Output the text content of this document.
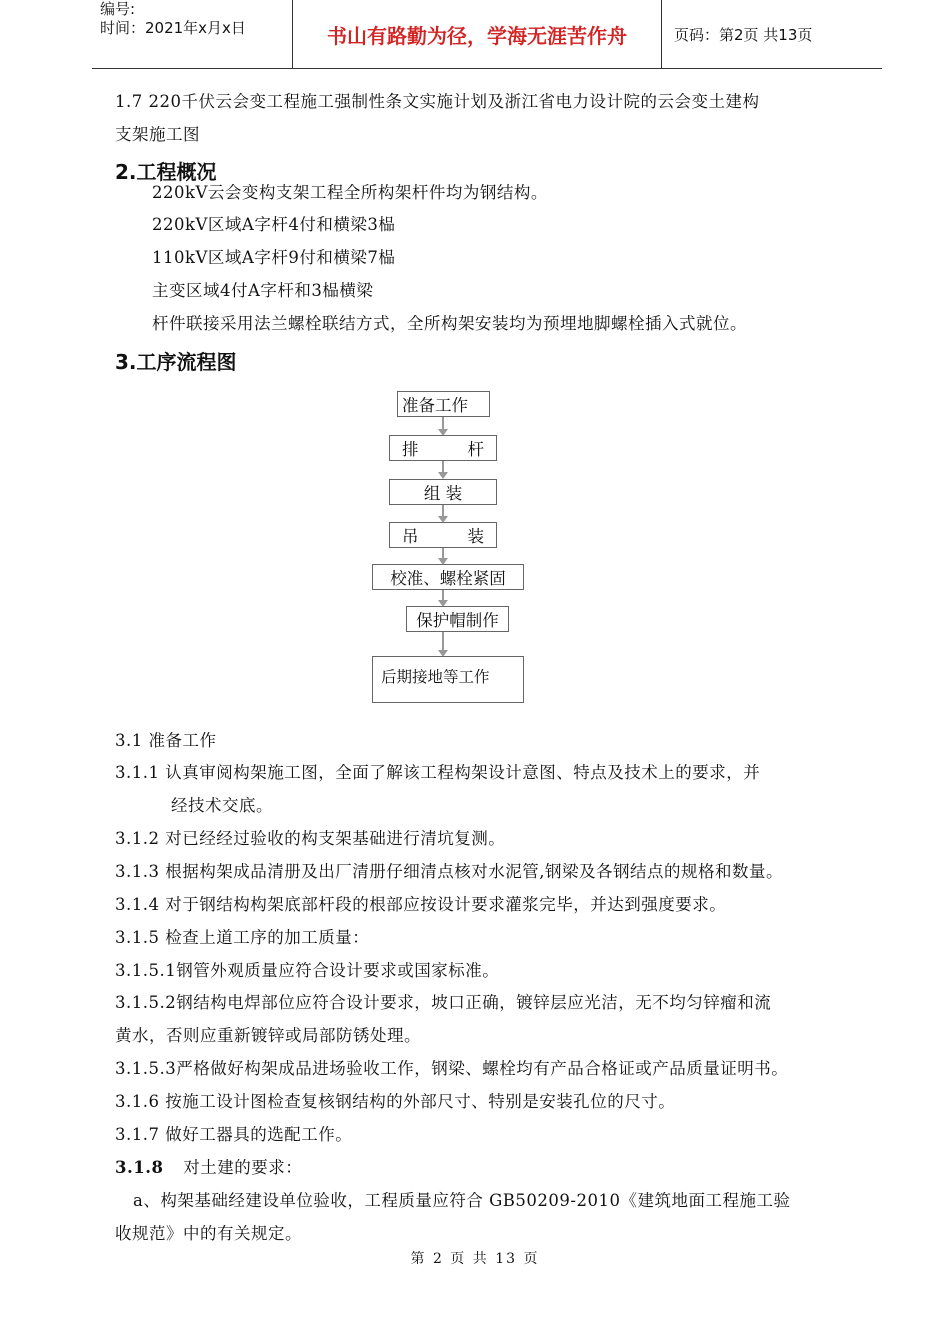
编号:
时间：2021年x月x日	书山有路勤为径，学海无涯苦作舟	页码：第2页 共13页
1.7 220千伏云会变工程施工强制性条文实施计划及浙江省电力设计院的云会变土建构
支架施工图
2.工程概况
220kV云会变构支架工程全所构架杆件均为钢结构。
220kV区域A字杆4付和横梁3榀
110kV区域A字杆9付和横梁7榀
主变区域4付A字杆和3榀横梁
杆件联接采用法兰螺栓联结方式，全所构架安装均为预埋地脚螺栓插入式就位。
3.工序流程图
准备工作
排	杆
组 装
吊	装
校准、螺栓紧固
保护帽制作
后期接地等工作
3.1 准备工作
3.1.1 认真审阅构架施工图，全面了解该工程构架设计意图、特点及技术上的要求，并
经技术交底。
3.1.2 对已经经过验收的构支架基础进行清坑复测。
3.1.3 根据构架成品清册及出厂清册仔细清点核对水泥管,钢梁及各钢结点的规格和数量。
3.1.4 对于钢结构构架底部杆段的根部应按设计要求灌浆完毕，并达到强度要求。
3.1.5 检查上道工序的加工质量：
3.1.5.1钢管外观质量应符合设计要求或国家标准。
3.1.5.2钢结构电焊部位应符合设计要求，坡口正确，镀锌层应光洁，无不均匀锌瘤和流
黄水，否则应重新镀锌或局部防锈处理。
3.1.5.3严格做好构架成品进场验收工作，钢梁、螺栓均有产品合格证或产品质量证明书。
3.1.6 按施工设计图检查复核钢结构的外部尺寸、特别是安装孔位的尺寸。
3.1.7 做好工器具的选配工作。
3.1.8 对土建的要求：
a、构架基础经建设单位验收，工程质量应符合 GB50209-2010《建筑地面工程施工验
收规范》中的有关规定。
第 2 页 共 13 页
